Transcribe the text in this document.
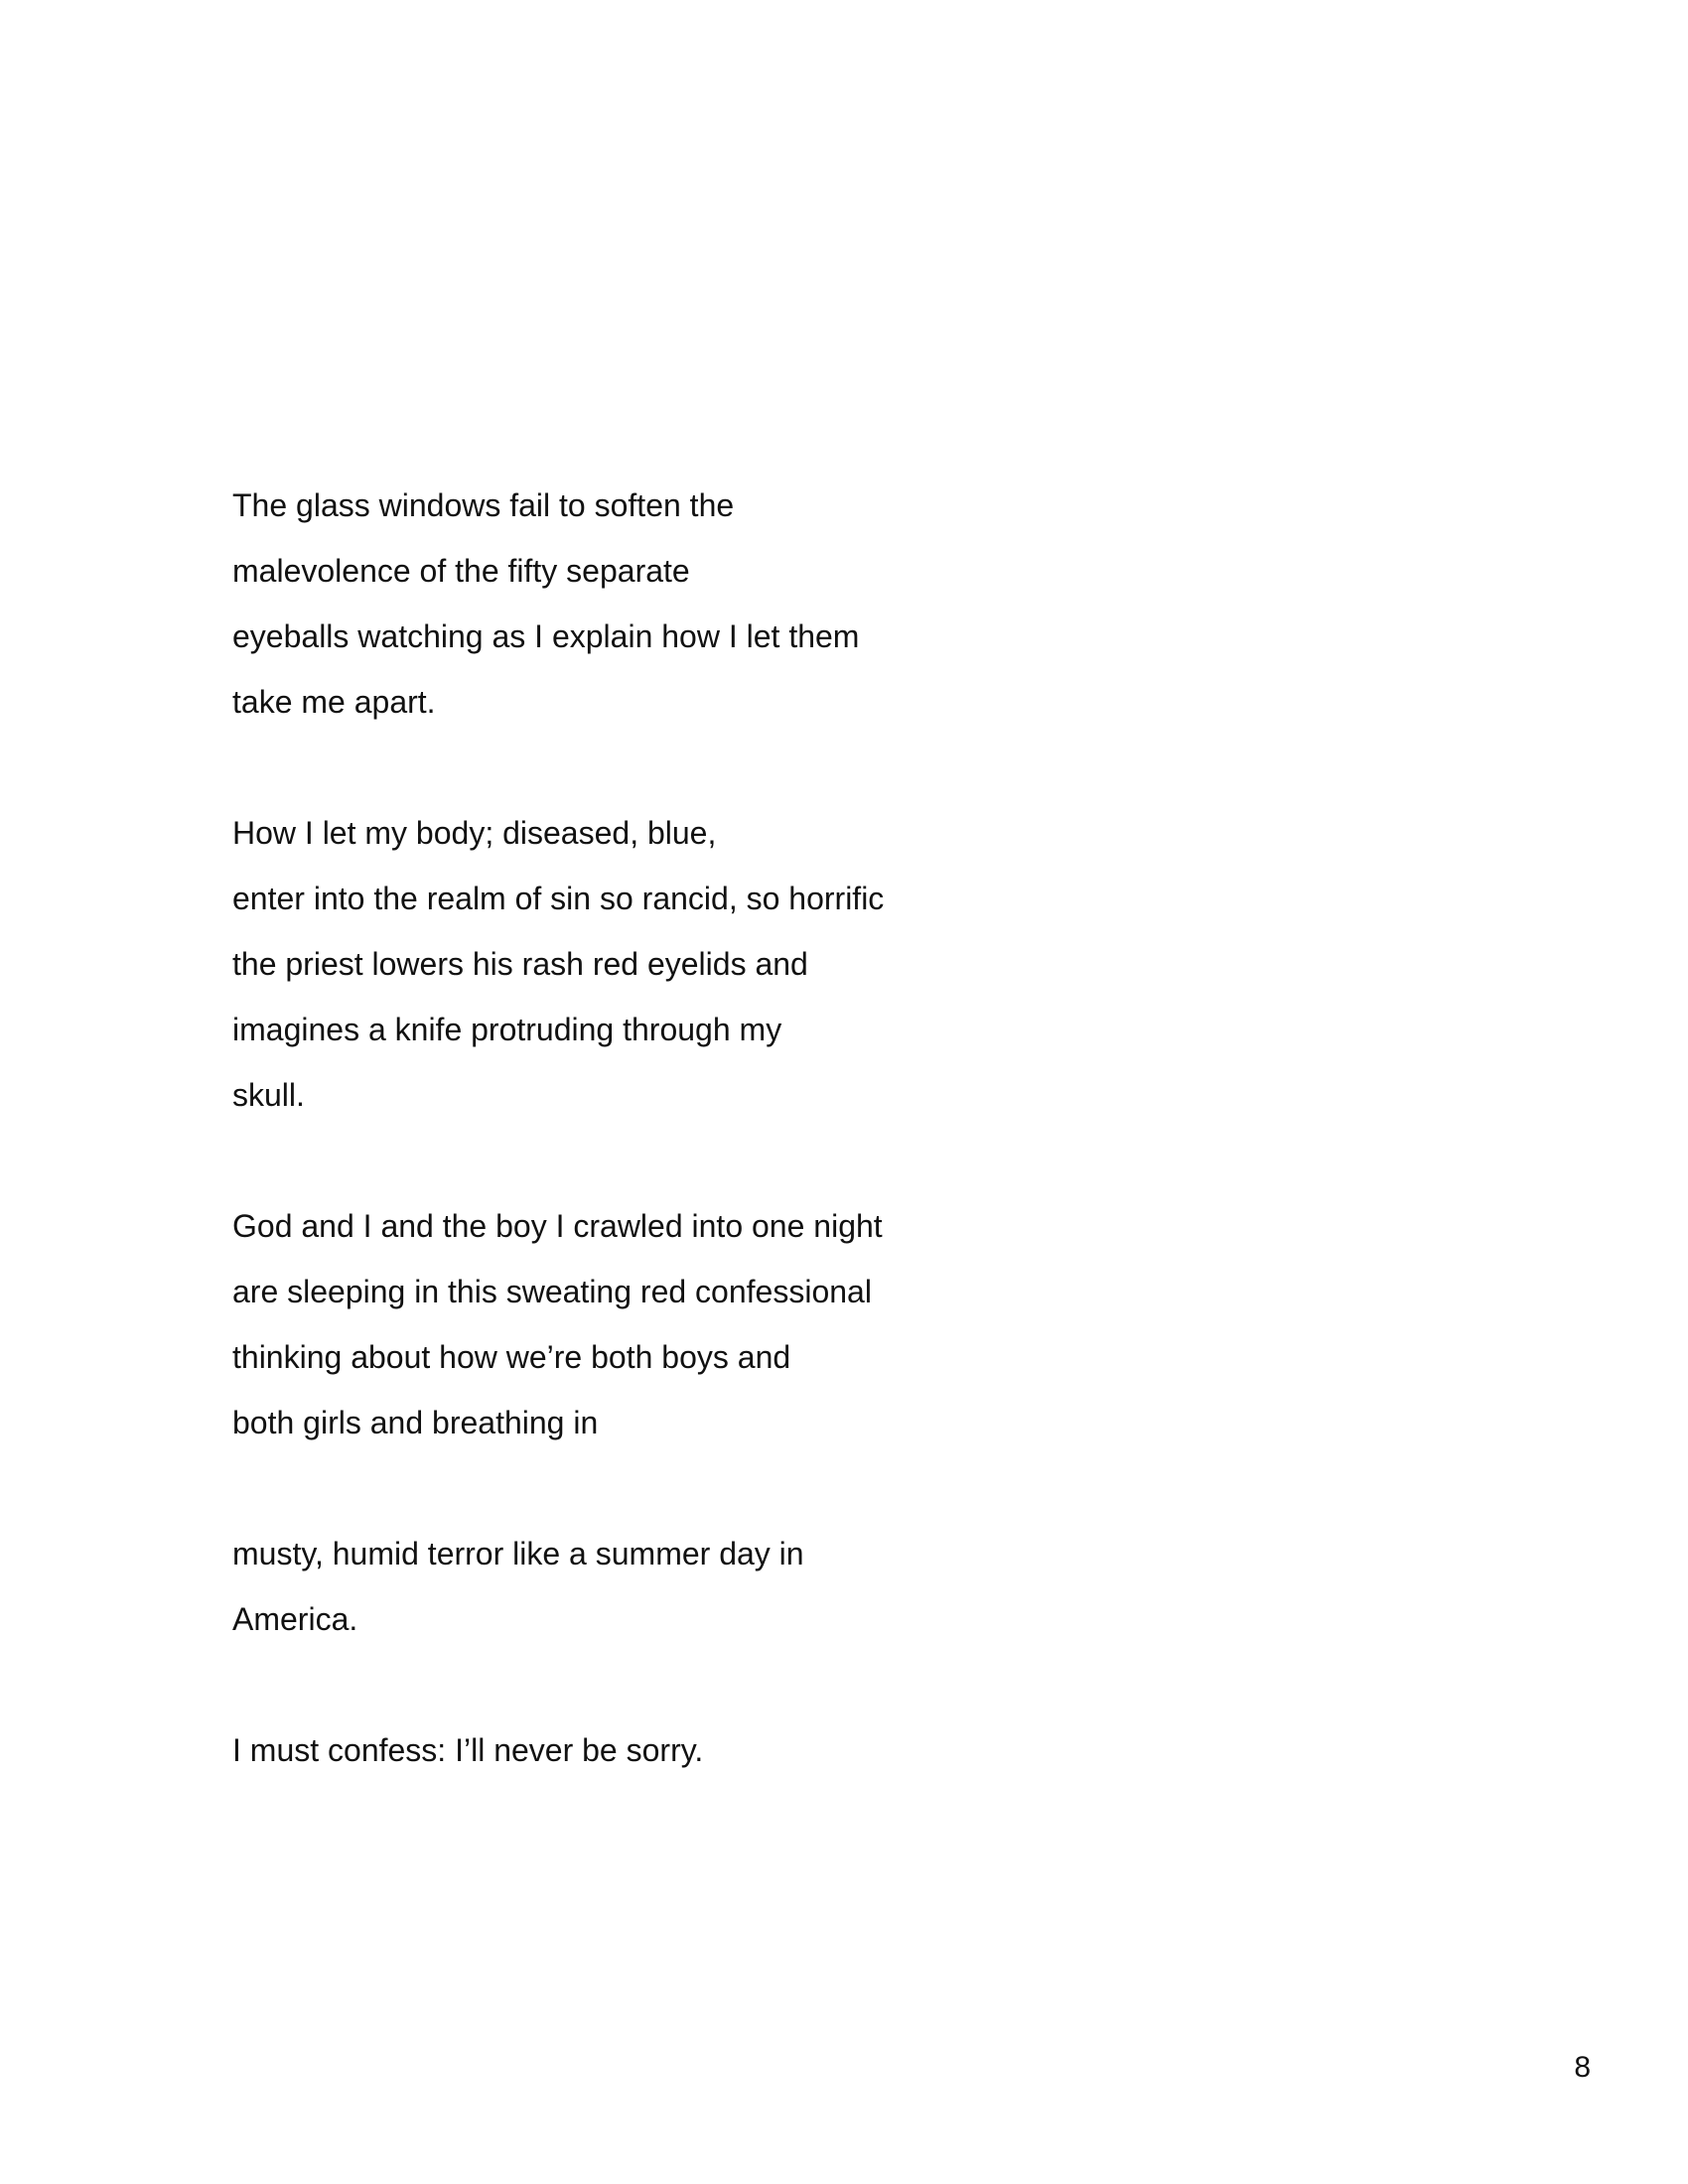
The glass windows fail to soften the
malevolence of the fifty separate
eyeballs watching as I explain how I let them
take me apart.
How I let my body; diseased, blue,
enter into the realm of sin so rancid, so horrific
the priest lowers his rash red eyelids and
imagines a knife protruding through my
skull.
God and I and the boy I crawled into one night
are sleeping in this sweating red confessional
thinking about how we’re both boys and
both girls and breathing in
musty, humid terror like a summer day in
America.
I must confess: I’ll never be sorry.
8
